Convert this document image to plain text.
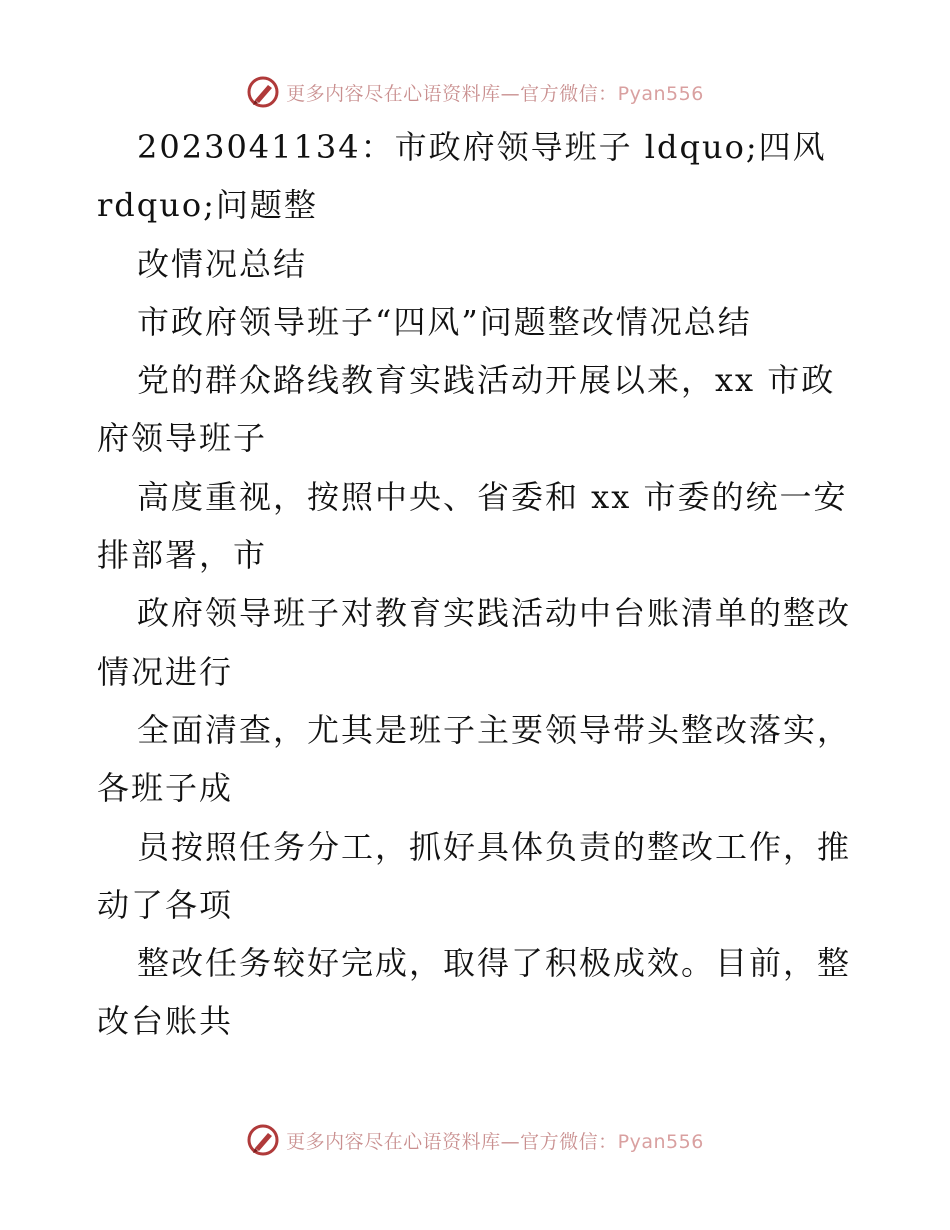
更多内容尽在心语资料库—官方微信：Pyan556
2023041134：市政府领导班子 ldquo;四风
rdquo;问题整
改情况总结
市政府领导班子“四风”问题整改情况总结
党的群众路线教育实践活动开展以来，xx 市政
府领导班子
高度重视，按照中央、省委和 xx 市委的统一安
排部署，市
政府领导班子对教育实践活动中台账清单的整改
情况进行
全面清查，尤其是班子主要领导带头整改落实，
各班子成
员按照任务分工，抓好具体负责的整改工作，推
动了各项
整改任务较好完成，取得了积极成效。目前，整
改台账共
更多内容尽在心语资料库—官方微信：Pyan556
